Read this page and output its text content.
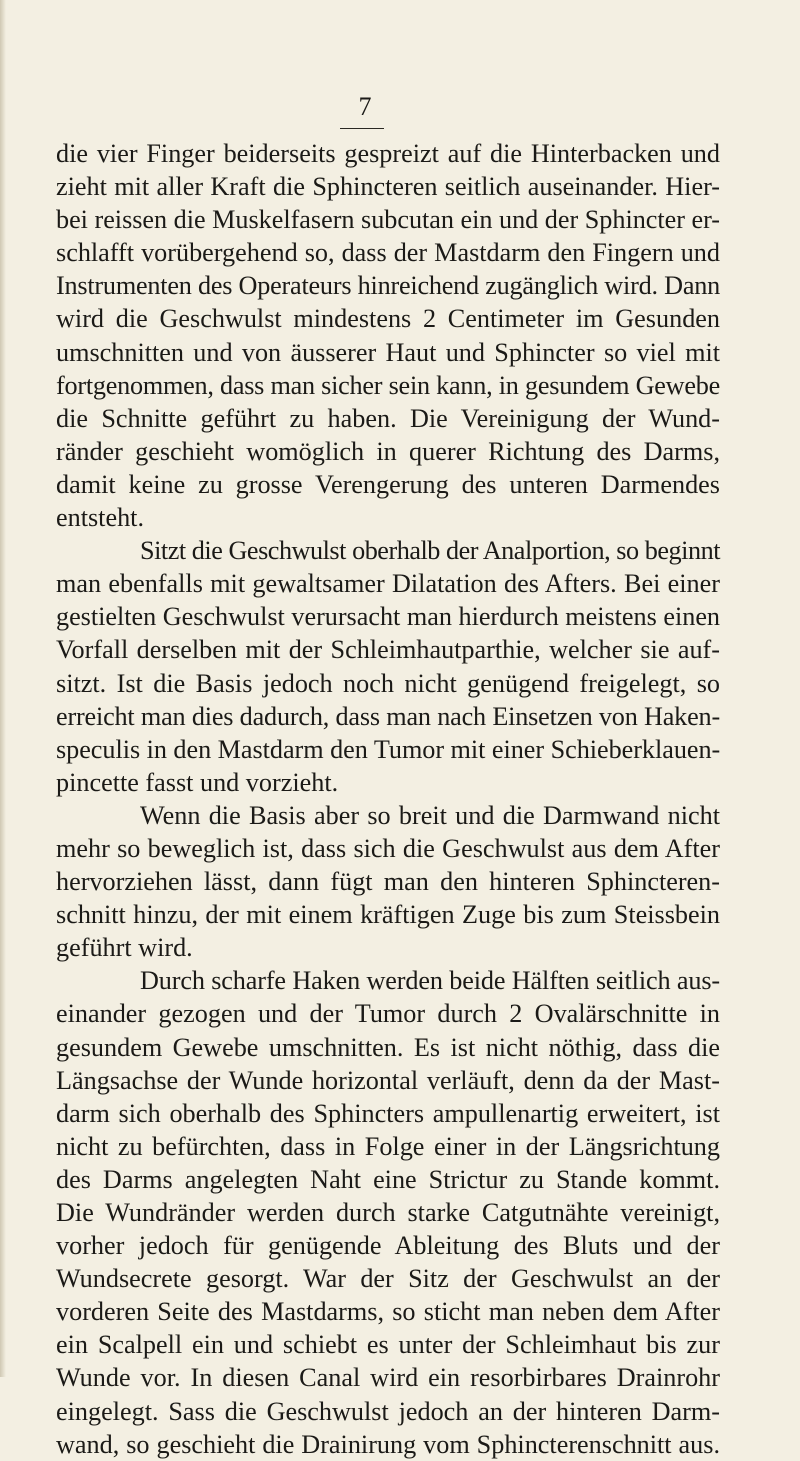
7

die vier Finger beiderseits gespreizt auf die Hinterbacken und
zieht mit aller Kraft die Sphincteren seitlich auseinander. Hier-
bei reissen die Muskelfasern subcutan ein und der Sphincter er-
schlafft vorübergehend so, dass der Mastdarm den Fingern und
Instrumenten des Operateurs hinreichend zugänglich wird. Dann
wird die Geschwulst mindestens 2 Centimeter im Gesunden
umschnitten und von äusserer Haut und Sphincter so viel mit
fortgenommen, dass man sicher sein kann, in gesundem Gewebe
die Schnitte geführt zu haben. Die Vereinigung der Wund-
ränder geschieht womöglich in querer Richtung des Darms,
damit keine zu grosse Verengerung des unteren Darmendes
entsteht.

Sitzt die Geschwulst oberhalb der Analportion, so beginnt
man ebenfalls mit gewaltsamer Dilatation des Afters. Bei einer
gestielten Geschwulst verursacht man hierdurch meistens einen
Vorfall derselben mit der Schleimhautparthie, welcher sie auf-
sitzt. Ist die Basis jedoch noch nicht genügend freigelegt, so
erreicht man dies dadurch, dass man nach Einsetzen von Haken-
speculis in den Mastdarm den Tumor mit einer Schieberklauen-
pincette fasst und vorzieht.

Wenn die Basis aber so breit und die Darmwand nicht
mehr so beweglich ist, dass sich die Geschwulst aus dem After
hervorziehen lässt, dann fügt man den hinteren Sphincteren-
schnitt hinzu, der mit einem kräftigen Zuge bis zum Steissbein
geführt wird.

Durch scharfe Haken werden beide Hälften seitlich aus-
einander gezogen und der Tumor durch 2 Ovalärschnitte in
gesundem Gewebe umschnitten. Es ist nicht nöthig, dass die
Längsachse der Wunde horizontal verläuft, denn da der Mast-
darm sich oberhalb des Sphincters ampullenartig erweitert, ist
nicht zu befürchten, dass in Folge einer in der Längsrichtung
des Darms angelegten Naht eine Strictur zu Stande kommt.
Die Wundränder werden durch starke Catgutnähte vereinigt,
vorher jedoch für genügende Ableitung des Bluts und der
Wundsecrete gesorgt. War der Sitz der Geschwulst an der
vorderen Seite des Mastdarms, so sticht man neben dem After
ein Scalpell ein und schiebt es unter der Schleimhaut bis zur
Wunde vor. In diesen Canal wird ein resorbirbares Drainrohr
eingelegt. Sass die Geschwulst jedoch an der hinteren Darm-
wand, so geschieht die Drainirung vom Sphincterenschnitt aus.
